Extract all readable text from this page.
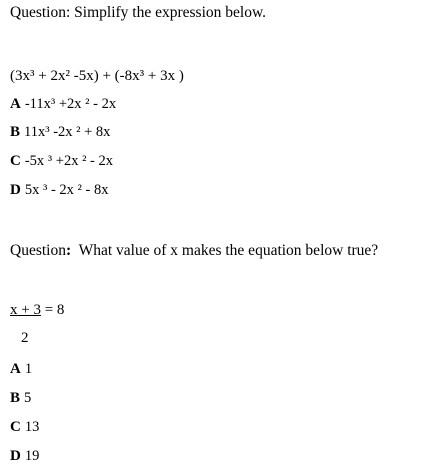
Question: Simplify the expression below.
(3x³ + 2x² -5x) + (-8x³ + 3x )
A -11x³ +2x ² - 2x
B 11x³ -2x ² + 8x
C -5x ³ +2x ² - 2x
D 5x ³ - 2x ² - 8x
Question:  What value of x makes the equation below true?
x + 3 = 8
2
A 1
B 5
C 13
D 19
